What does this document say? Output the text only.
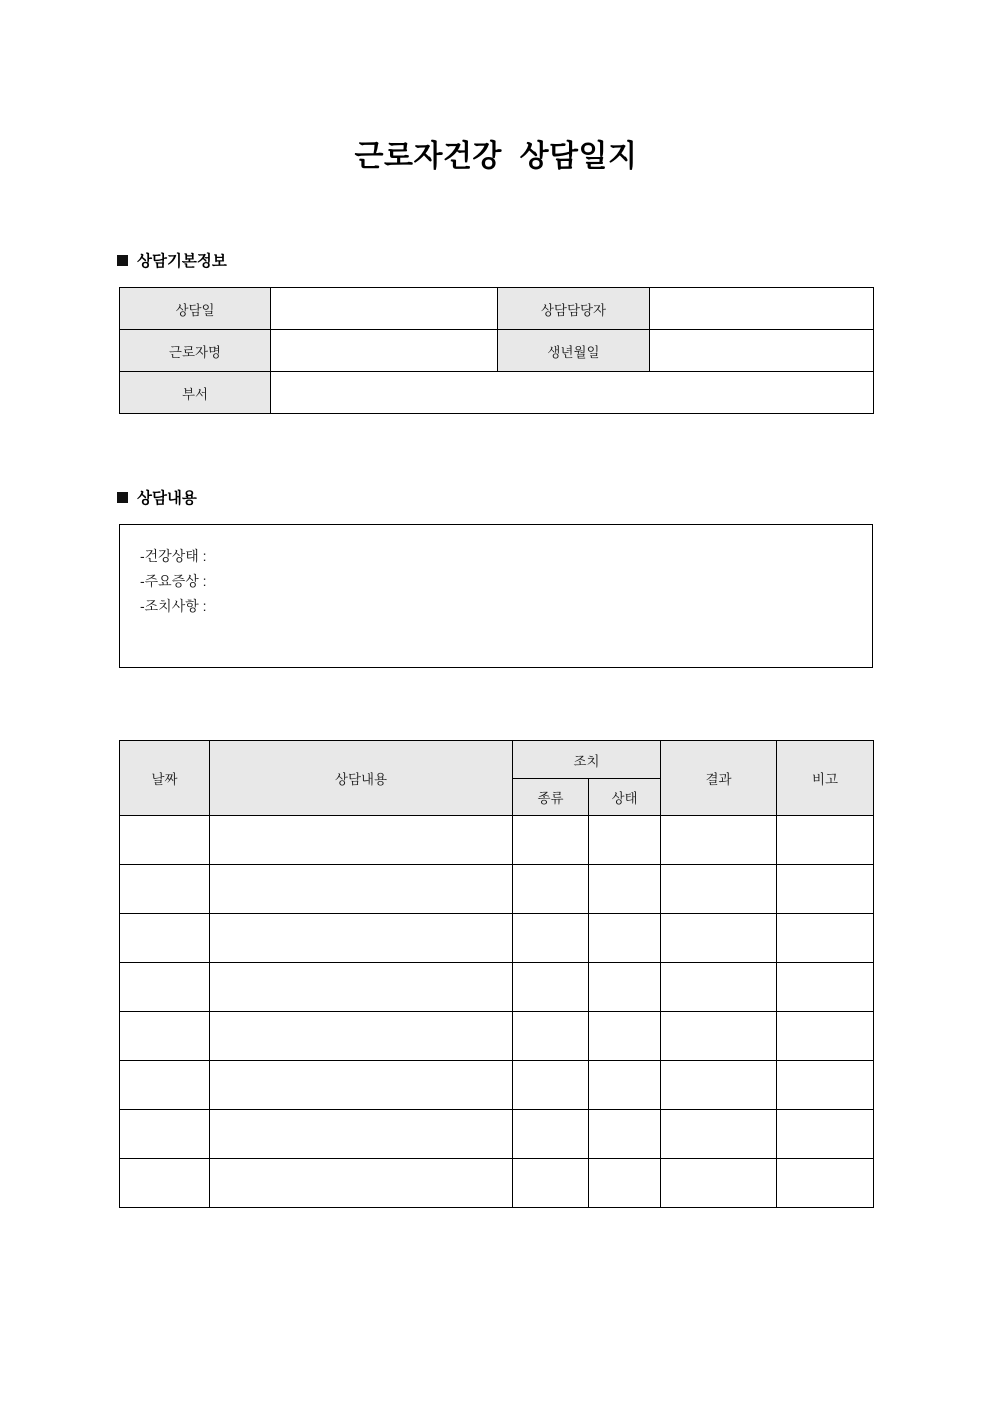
근로자건강  상담일지
상담기본정보
상담일		상담담당자	
근로자명		생년월일	
부서			
상담내용
-건강상태 :
-주요증상 :
-조치사항 :
날짜	상담내용	조치		결과	비고
		종류	상태		
